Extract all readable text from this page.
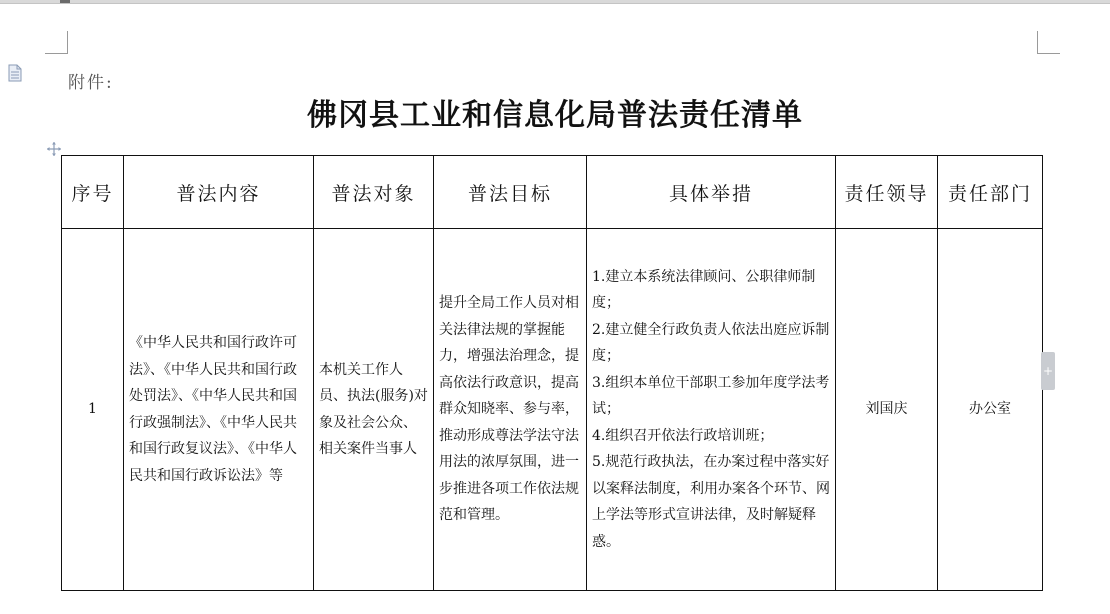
附件:
佛冈县工业和信息化局普法责任清单
序号	普法内容	普法对象	普法目标	具体举措	责任领导	责任部门
1	《中华人民共和国行政许可法》、《中华人民共和国行政处罚法》、《中华人民共和国行政强制法》、《中华人民共和国行政复议法》、《中华人民共和国行政诉讼法》等	本机关工作人员、执法(服务)对象及社会公众、相关案件当事人	提升全局工作人员对相关法律法规的掌握能力，增强法治理念，提高依法行政意识，提高群众知晓率、参与率，推动形成尊法学法守法用法的浓厚氛围，进一步推进各项工作依法规范和管理。	1.建立本系统法律顾问、公职律师制度；
2.建立健全行政负责人依法出庭应诉制度；
3.组织本单位干部职工参加年度学法考试；
4.组织召开依法行政培训班；
5.规范行政执法，在办案过程中落实好以案释法制度，利用办案各个环节、网上学法等形式宣讲法律，及时解疑释惑。	刘国庆	办公室
+
